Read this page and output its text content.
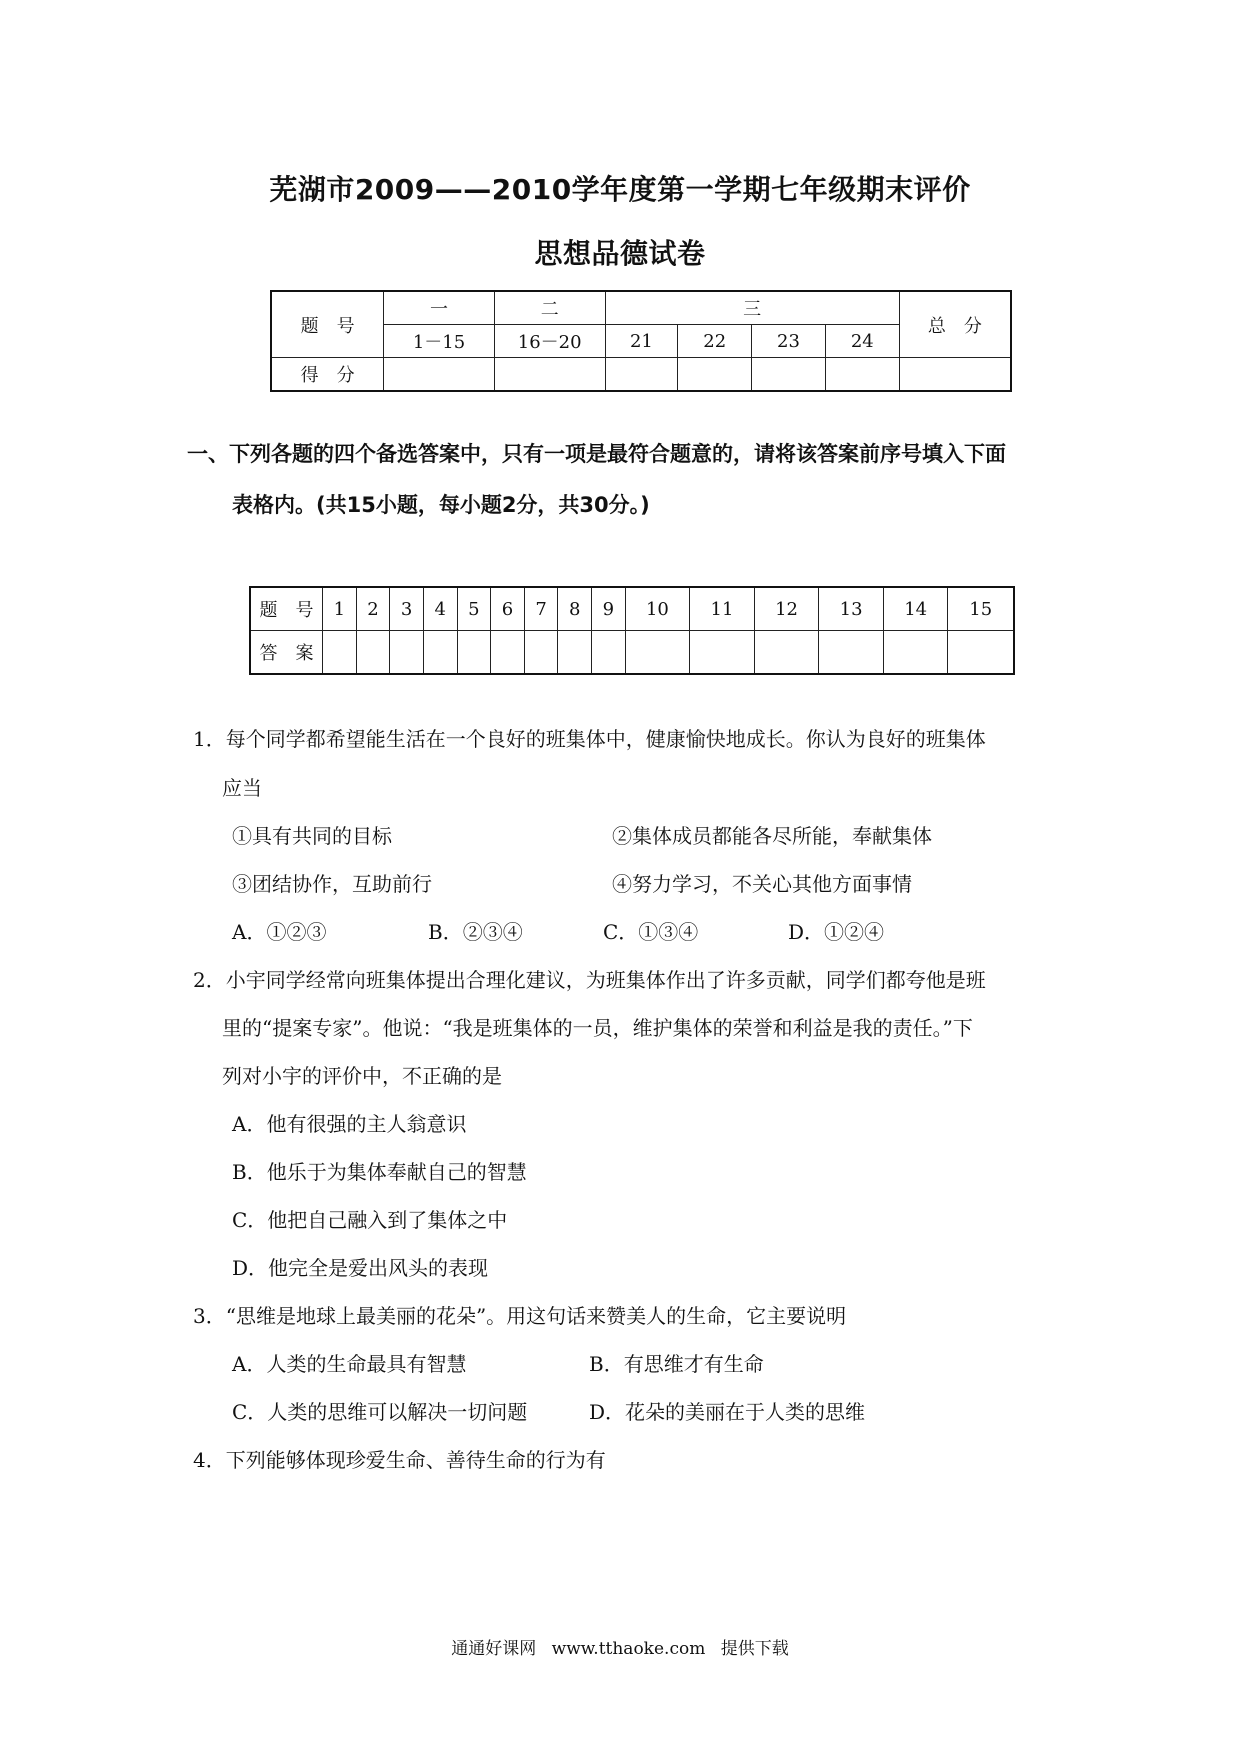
芜湖市2009——2010学年度第一学期七年级期末评价
思想品德试卷
题　号	一	二	三				总　分
	1－15	16－20	21	22	23	24	
得　分							
一、下列各题的四个备选答案中，只有一项是最符合题意的，请将该答案前序号填入下面
表格内。(共15小题，每小题2分，共30分。)
题　号	1	2	3	4	5	6	7	8	9	10	11	12	13	14	15
答　案															
1．每个同学都希望能生活在一个良好的班集体中，健康愉快地成长。你认为良好的班集体
应当
①具有共同的目标	②集体成员都能各尽所能，奉献集体
③团结协作，互助前行	④努力学习，不关心其他方面事情
A．①②③	B．②③④	C．①③④	D．①②④
2．小宇同学经常向班集体提出合理化建议，为班集体作出了许多贡献，同学们都夸他是班
里的“提案专家”。他说：“我是班集体的一员，维护集体的荣誉和利益是我的责任。”下
列对小宇的评价中，不正确的是
A．他有很强的主人翁意识
B．他乐于为集体奉献自己的智慧
C．他把自己融入到了集体之中
D．他完全是爱出风头的表现
3．“思维是地球上最美丽的花朵”。用这句话来赞美人的生命，它主要说明
A．人类的生命最具有智慧	B．有思维才有生命
C．人类的思维可以解决一切问题	D．花朵的美丽在于人类的思维
4．下列能够体现珍爱生命、善待生命的行为有
通通好课网 www.tthaoke.com 提供下载
